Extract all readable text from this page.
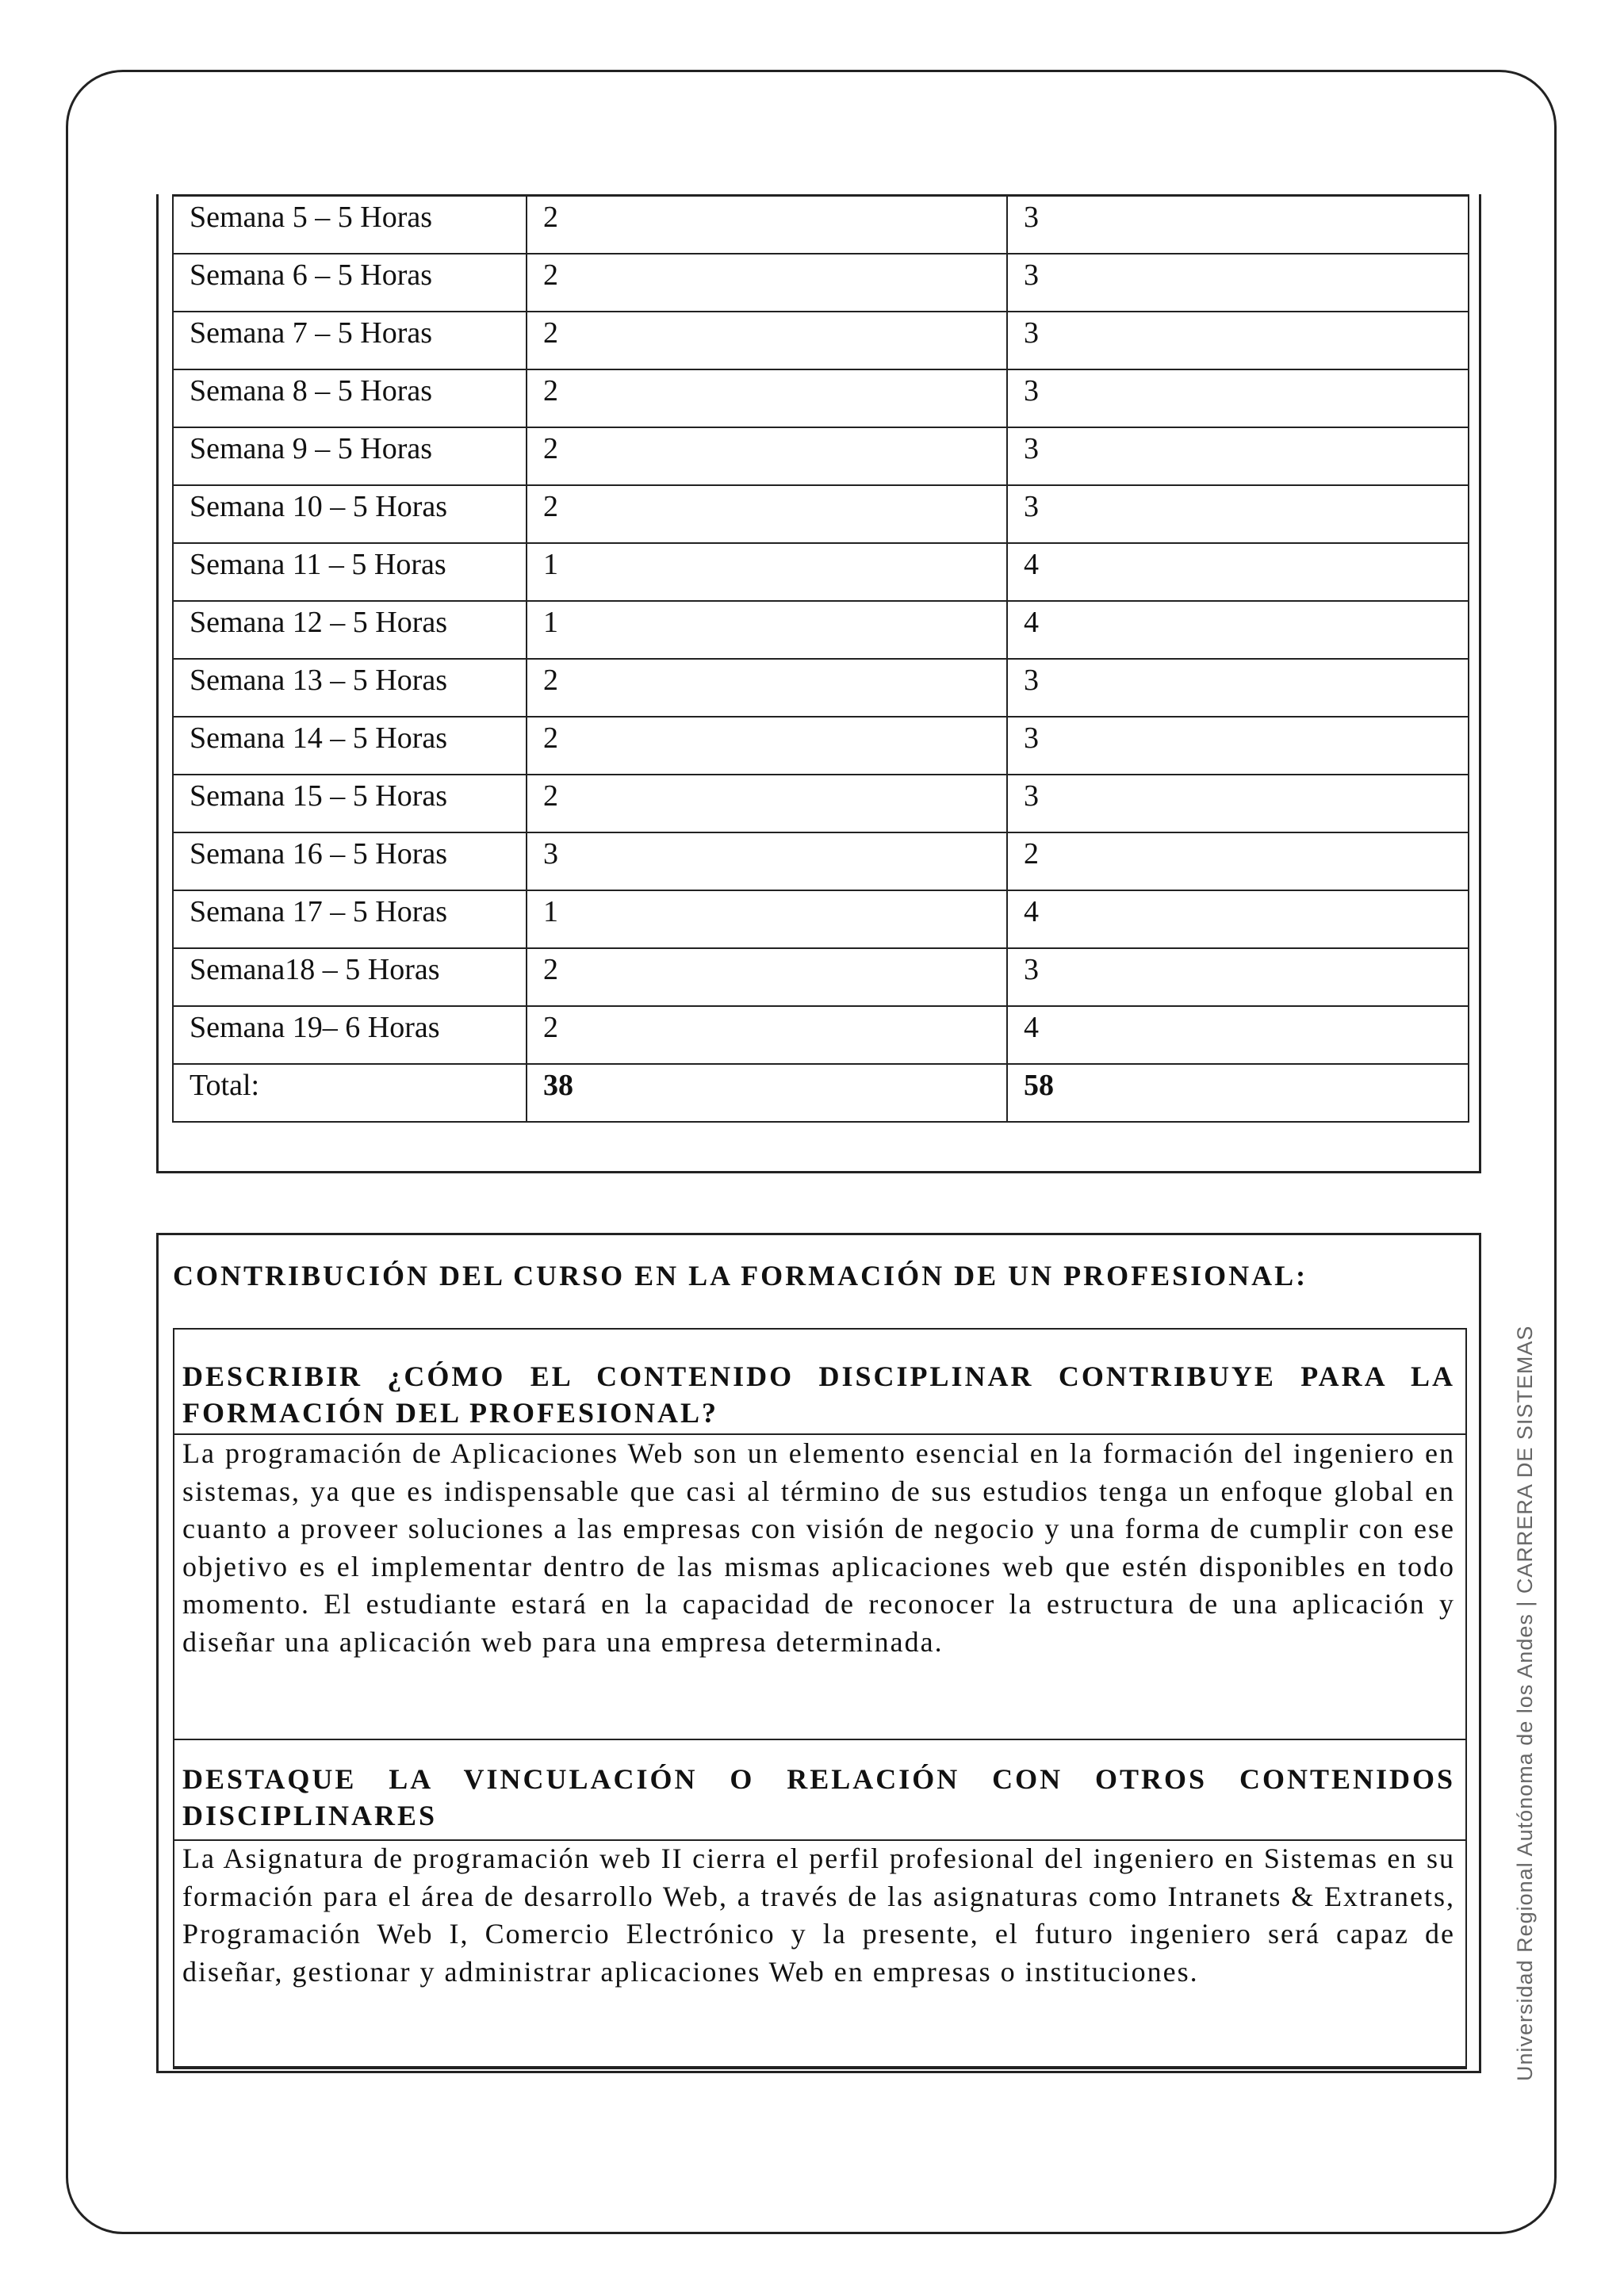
Universidad Regional Autónoma de los Andes | CARRERA DE SISTEMAS
Semana 5 – 5 Horas	2	3
Semana 6 – 5 Horas	2	3
Semana 7 – 5 Horas	2	3
Semana 8 – 5 Horas	2	3
Semana 9 – 5 Horas	2	3
Semana 10 – 5 Horas	2	3
Semana 11 – 5 Horas	1	4
Semana 12 – 5 Horas	1	4
Semana 13 – 5 Horas	2	3
Semana 14 – 5 Horas	2	3
Semana 15 – 5 Horas	2	3
Semana 16 – 5 Horas	3	2
Semana 17 – 5 Horas	1	4
Semana18 – 5 Horas	2	3
Semana 19– 6 Horas	2	4
Total:	38	58
CONTRIBUCIÓN DEL CURSO EN LA FORMACIÓN DE UN PROFESIONAL:
DESCRIBIR ¿CÓMO EL CONTENIDO DISCIPLINAR CONTRIBUYE PARA LA FORMACIÓN DEL PROFESIONAL?
La programación de Aplicaciones Web son un elemento esencial en la formación del ingeniero en sistemas, ya que es indispensable que casi al término de sus estudios tenga un enfoque global en cuanto a proveer soluciones a las empresas con visión de negocio y una forma de cumplir con ese objetivo es el implementar dentro de las mismas aplicaciones web que estén disponibles en todo momento. El estudiante estará en la capacidad de reconocer la estructura de una aplicación y diseñar una aplicación web para una empresa determinada.
DESTAQUE LA VINCULACIÓN O RELACIÓN CON OTROS CONTENIDOS DISCIPLINARES
La Asignatura de programación web II cierra el perfil profesional del ingeniero en Sistemas en su formación para el área de desarrollo Web, a través de las asignaturas como Intranets & Extranets, Programación Web I, Comercio Electrónico y la presente, el futuro ingeniero será capaz de diseñar, gestionar y administrar aplicaciones Web en empresas o instituciones.
